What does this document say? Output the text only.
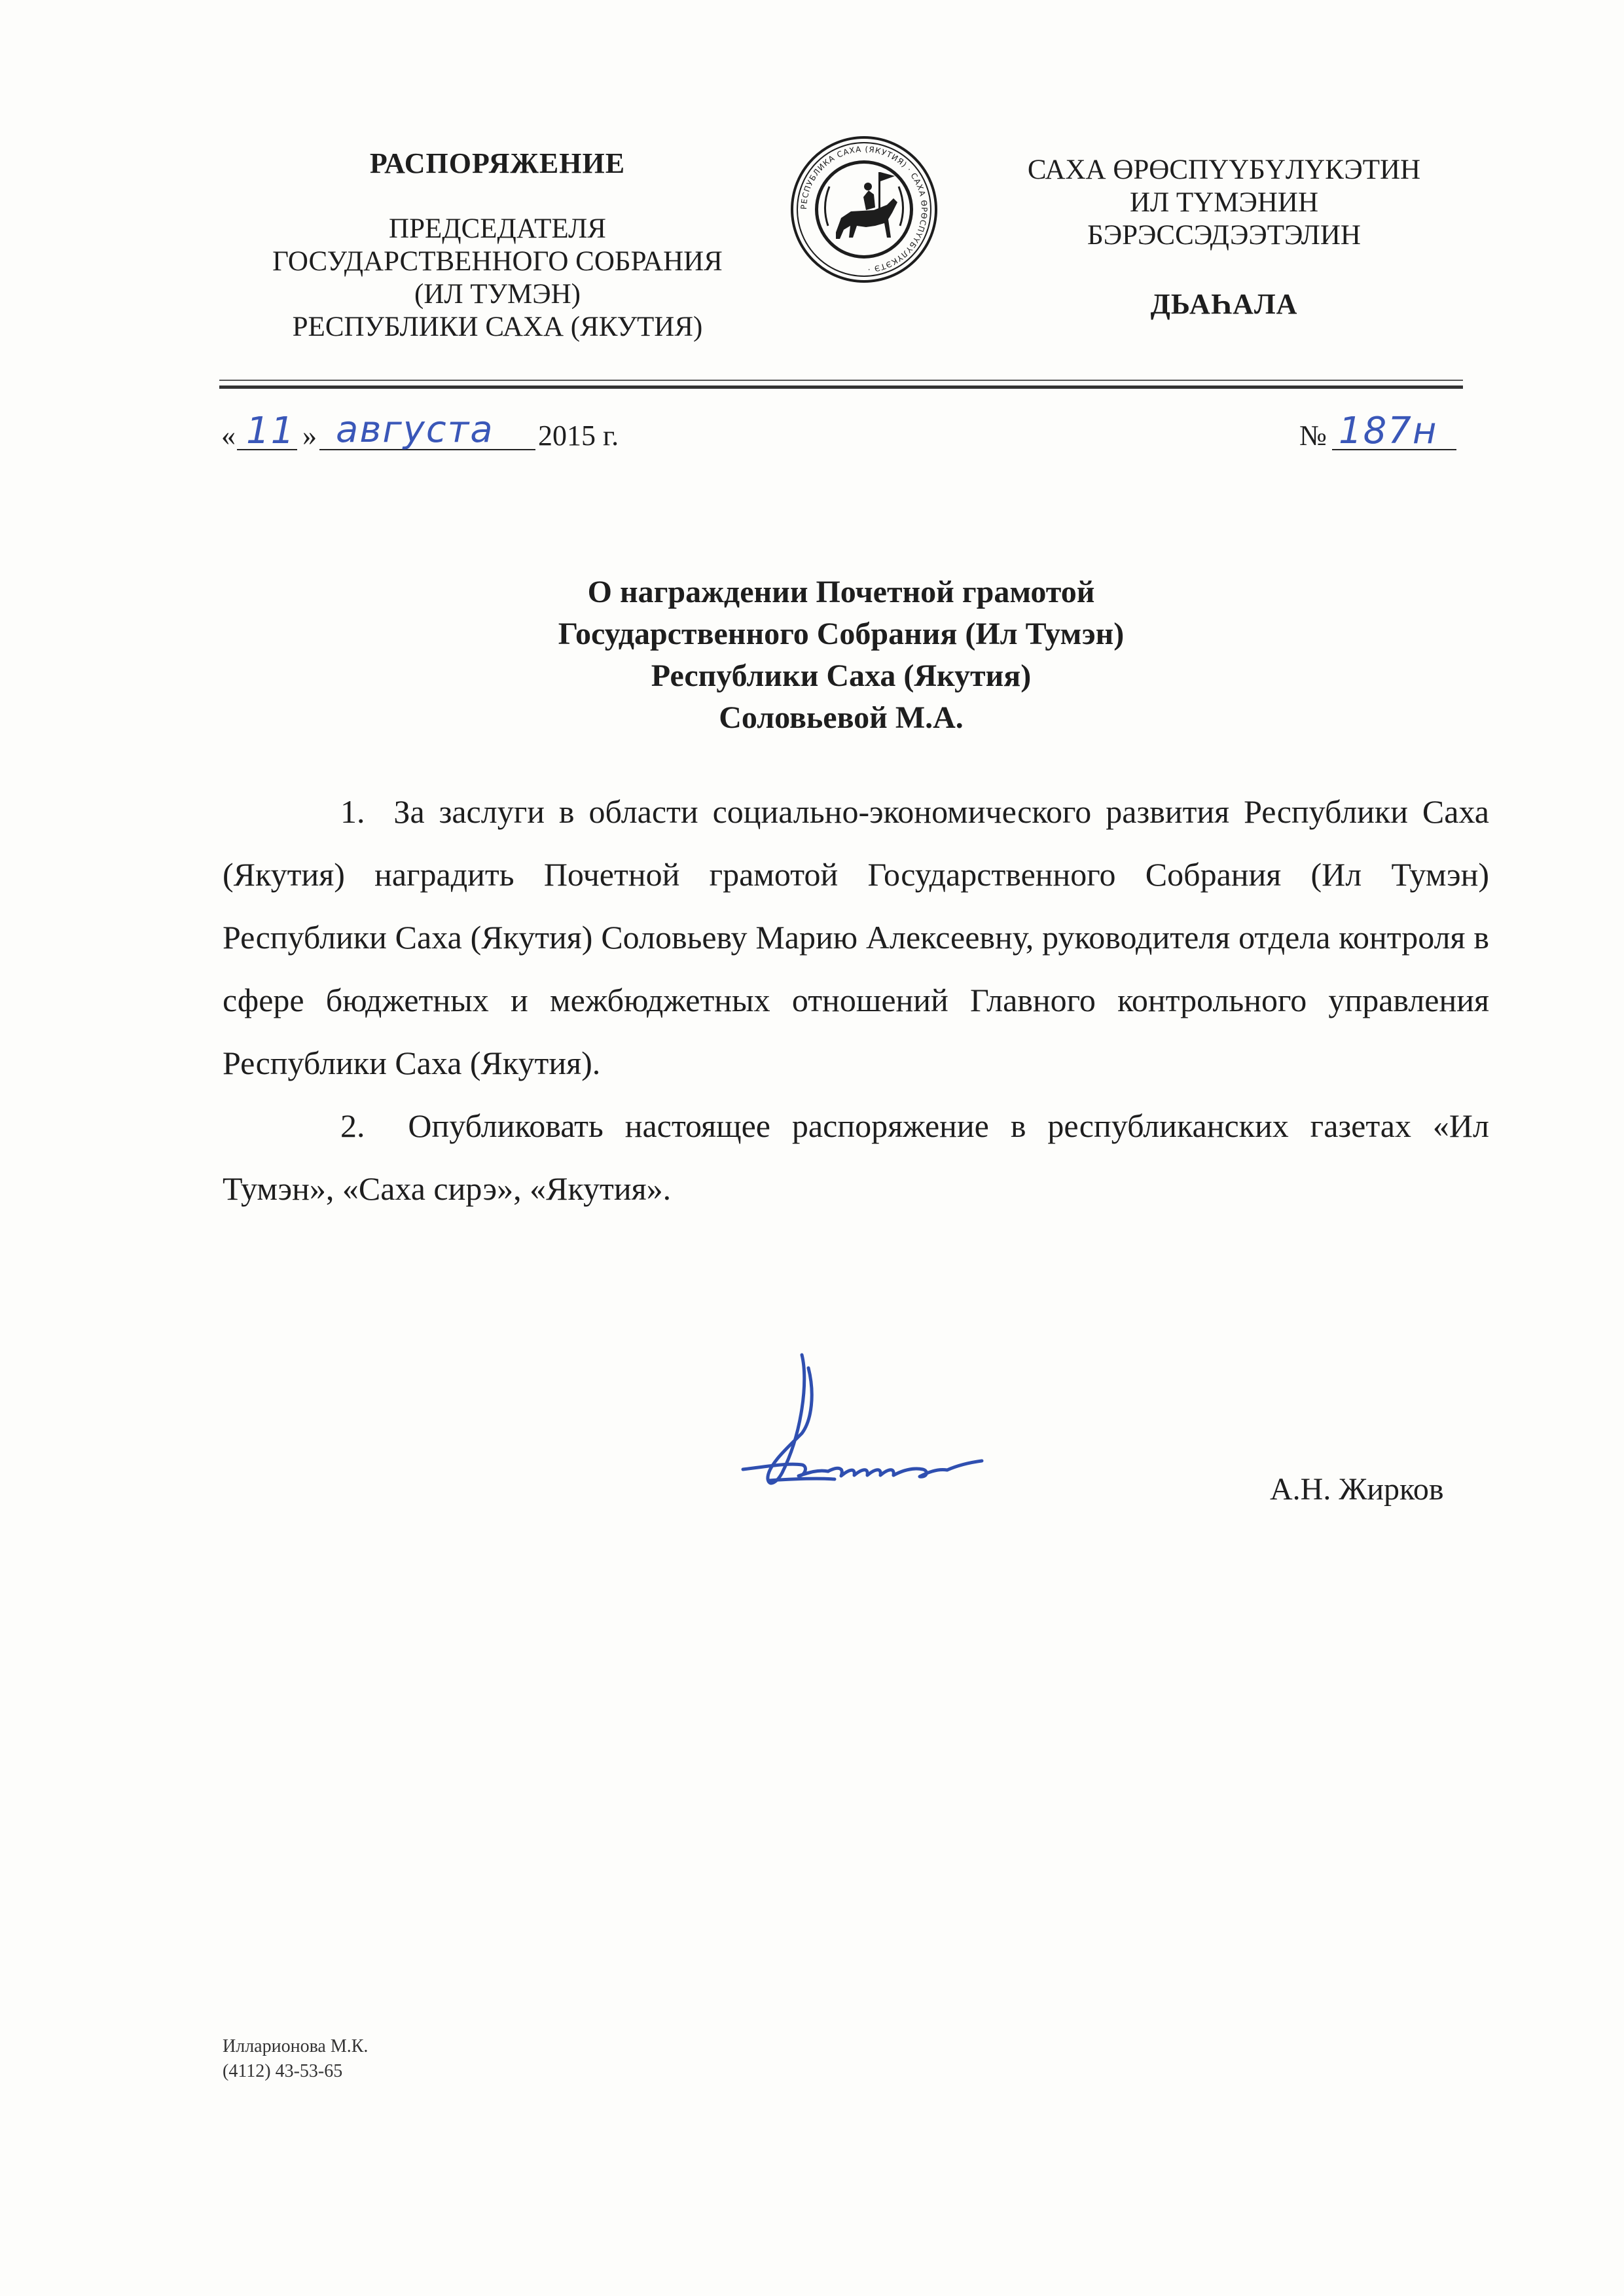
РАСПОРЯЖЕНИЕ
ПРЕДСЕДАТЕЛЯ
ГОСУДАРСТВЕННОГО СОБРАНИЯ
(ИЛ ТУМЭН)
РЕСПУБЛИКИ САХА (ЯКУТИЯ)
РЕСПУБЛИКА САХА (ЯКУТИЯ) · САХА ӨРӨСПҮҮБҮЛҮКЭТЭ ·
САХА ӨРӨСПҮҮБҮЛҮКЭТИН
ИЛ ТҮМЭНИН
БЭРЭССЭДЭЭТЭЛИН
ДЬАҺАЛА
« 11 » августа 2015 г.	№ 187н
О награждении Почетной грамотой
Государственного Собрания (Ил Тумэн)
Республики Саха (Якутия)
Соловьевой М.А.

1.  За заслуги в области социально-экономического развития Республики Саха (Якутия) наградить Почетной грамотой Государственного Собрания (Ил Тумэн) Республики Саха (Якутия) Соловьеву Марию Алексеевну, руководителя отдела контроля в сфере бюджетных и межбюджетных отношений Главного контрольного управления Республики Саха (Якутия).

2.  Опубликовать настоящее распоряжение в республиканских газетах «Ил Тумэн», «Саха сирэ», «Якутия».

А.Н. Жирков
Илларионова М.К.
(4112) 43-53-65
